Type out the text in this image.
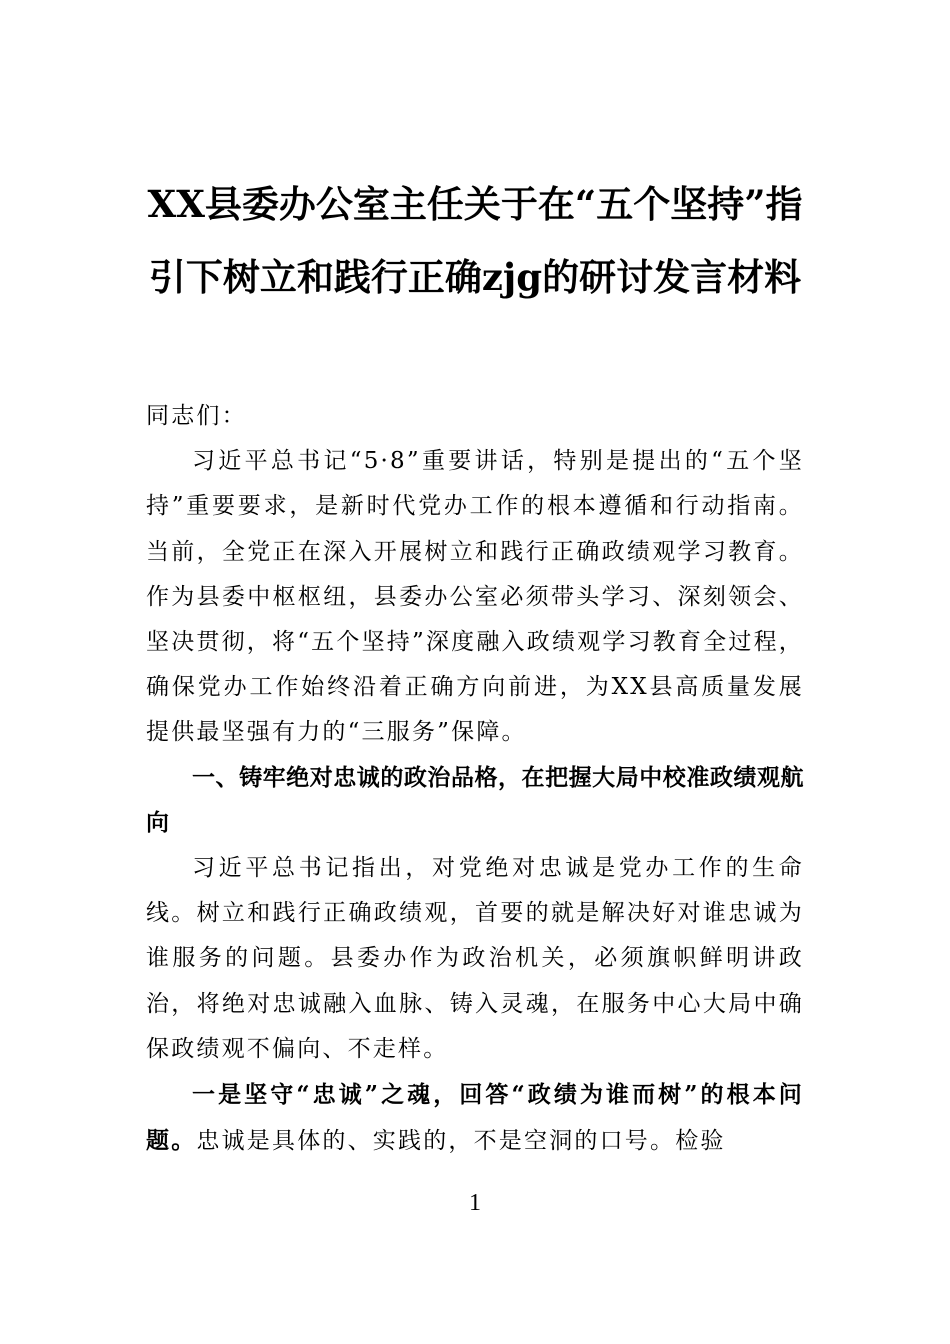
XX县委办公室主任关于在“五个坚持”指
引下树立和践行正确zjg的研讨发言材料

同志们：

习近平总书记“5·8”重要讲话，特别是提出的“五个坚持”重要要求，是新时代党办工作的根本遵循和行动指南。当前，全党正在深入开展树立和践行正确政绩观学习教育。作为县委中枢枢纽，县委办公室必须带头学习、深刻领会、坚决贯彻，将“五个坚持”深度融入政绩观学习教育全过程，确保党办工作始终沿着正确方向前进，为XX县高质量发展提供最坚强有力的“三服务”保障。

一、铸牢绝对忠诚的政治品格，在把握大局中校准政绩观航向

习近平总书记指出，对党绝对忠诚是党办工作的生命线。树立和践行正确政绩观，首要的就是解决好对谁忠诚为谁服务的问题。县委办作为政治机关，必须旗帜鲜明讲政治，将绝对忠诚融入血脉、铸入灵魂，在服务中心大局中确保政绩观不偏向、不走样。

一是坚守“忠诚”之魂，回答“政绩为谁而树”的根本问题。忠诚是具体的、实践的，不是空洞的口号。检验

1
